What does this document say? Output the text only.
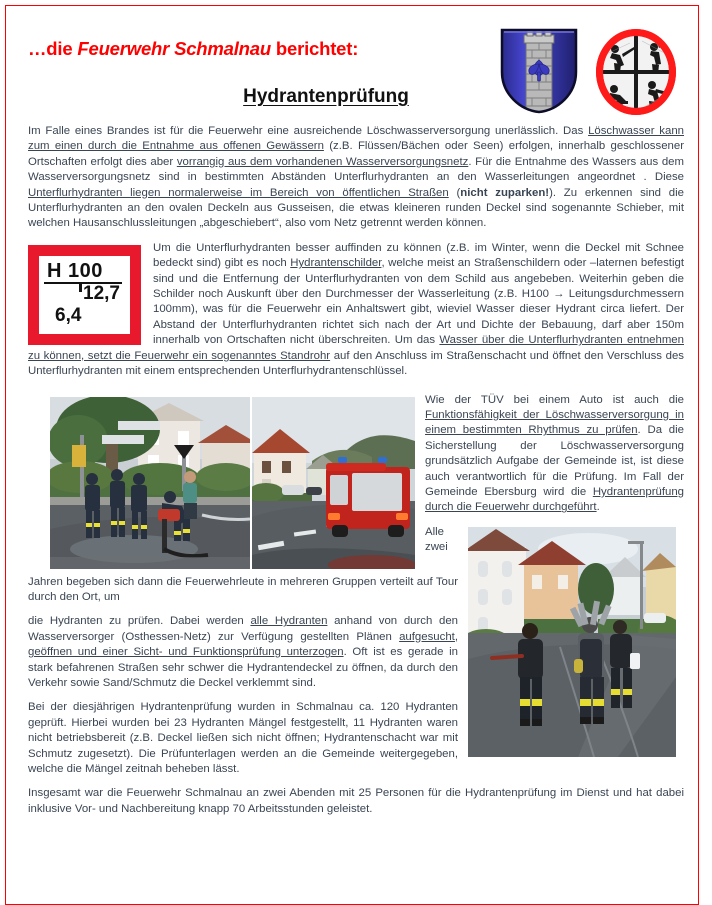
…die Feuerwehr Schmalnau berichtet:
Hydrantenprüfung

Im Falle eines Brandes ist für die Feuerwehr eine ausreichende Löschwasserversorgung unerlässlich. Das Löschwasser kann zum einen durch die Entnahme aus offenen Gewässern (z.B. Flüssen/Bächen oder Seen) erfolgen, innerhalb geschlossener Ortschaften erfolgt dies aber vorrangig aus dem vorhandenen Wasserversorgungsnetz. Für die Entnahme des Wassers aus dem Wasserversorgungsnetz sind in bestimmten Abständen Unterflurhydranten an den Wasserleitungen angeordnet . Diese Unterflurhydranten liegen normalerweise im Bereich von öffentlichen Straßen (nicht zuparken!). Zu erkennen sind die Unterflurhydranten an den ovalen Deckeln aus Gusseisen, die etwas kleineren runden Deckel sind sogenannte Schieber, mit welchen Hausanschlussleitungen „abgeschiebert“, also vom Netz getrennt werden können.

H 100
12,7
6,4

Um die Unterflurhydranten besser auffinden zu können (z.B. im Winter, wenn die Deckel mit Schnee bedeckt sind) gibt es noch Hydrantenschilder, welche meist an Straßenschildern oder –laternen befestigt sind und die Entfernung der Unterflurhydranten von dem Schild aus angebeben. Weiterhin geben die Schilder noch Auskunft über den Durchmesser der Wasserleitung (z.B. H100 → Leitungsdurchmessern 100mm), was für die Feuerwehr ein Anhaltswert gibt, wieviel Wasser dieser Hydrant circa liefert. Der Abstand der Unterflurhydranten richtet sich nach der Art und Dichte der Bebauung, darf aber 150m innerhalb von Ortschaften nicht überschreiten. Um das Wasser über die Unterflurhydranten entnehmen zu können, setzt die Feuerwehr ein sogenanntes Standrohr auf den Anschluss im Straßenschacht und öffnet den Verschluss des Unterflurhydranten mit einem entsprechenden Unterflurhydrantenschlüssel.

Wie der TÜV bei einem Auto ist auch die Funktionsfähigkeit der Löschwasserversorgung in einem bestimmten Rhythmus zu prüfen. Da die Sicherstellung der Löschwasserversorgung grundsätzlich Aufgabe der Gemeinde ist, ist diese auch verantwortlich für die Prüfung. Im Fall der Gemeinde Ebersburg wird die Hydrantenprüfung durch die Feuerwehr durchgeführt.

Alle zwei Jahren begeben sich dann die Feuerwehrleute in mehreren Gruppen verteilt auf Tour durch den Ort, um

die Hydranten zu prüfen. Dabei werden alle Hydranten anhand von durch den Wasserversorger (Osthessen-Netz) zur Verfügung gestellten Plänen aufgesucht, geöffnen und einer Sicht- und Funktionsprüfung unterzogen. Oft ist es gerade in stark befahrenen Straßen sehr schwer die Hydrantendeckel zu öffnen, da durch den Verkehr sowie Sand/Schmutz die Deckel verklemmt sind.

Bei der diesjährigen Hydrantenprüfung wurden in Schmalnau ca. 120 Hydranten geprüft. Hierbei wurden bei 23 Hydranten Mängel festgestellt, 11 Hydranten waren nicht betriebsbereit (z.B. Deckel ließen sich nicht öffnen; Hydrantenschacht war mit Schmutz zugesetzt). Die Prüfunterlagen werden an die Gemeinde weitergegeben, welche die Mängel zeitnah beheben lässt.

Insgesamt war die Feuerwehr Schmalnau an zwei Abenden mit 25 Personen für die Hydrantenprüfung im Dienst und hat dabei inklusive Vor- und Nachbereitung knapp 70 Arbeitsstunden geleistet.
